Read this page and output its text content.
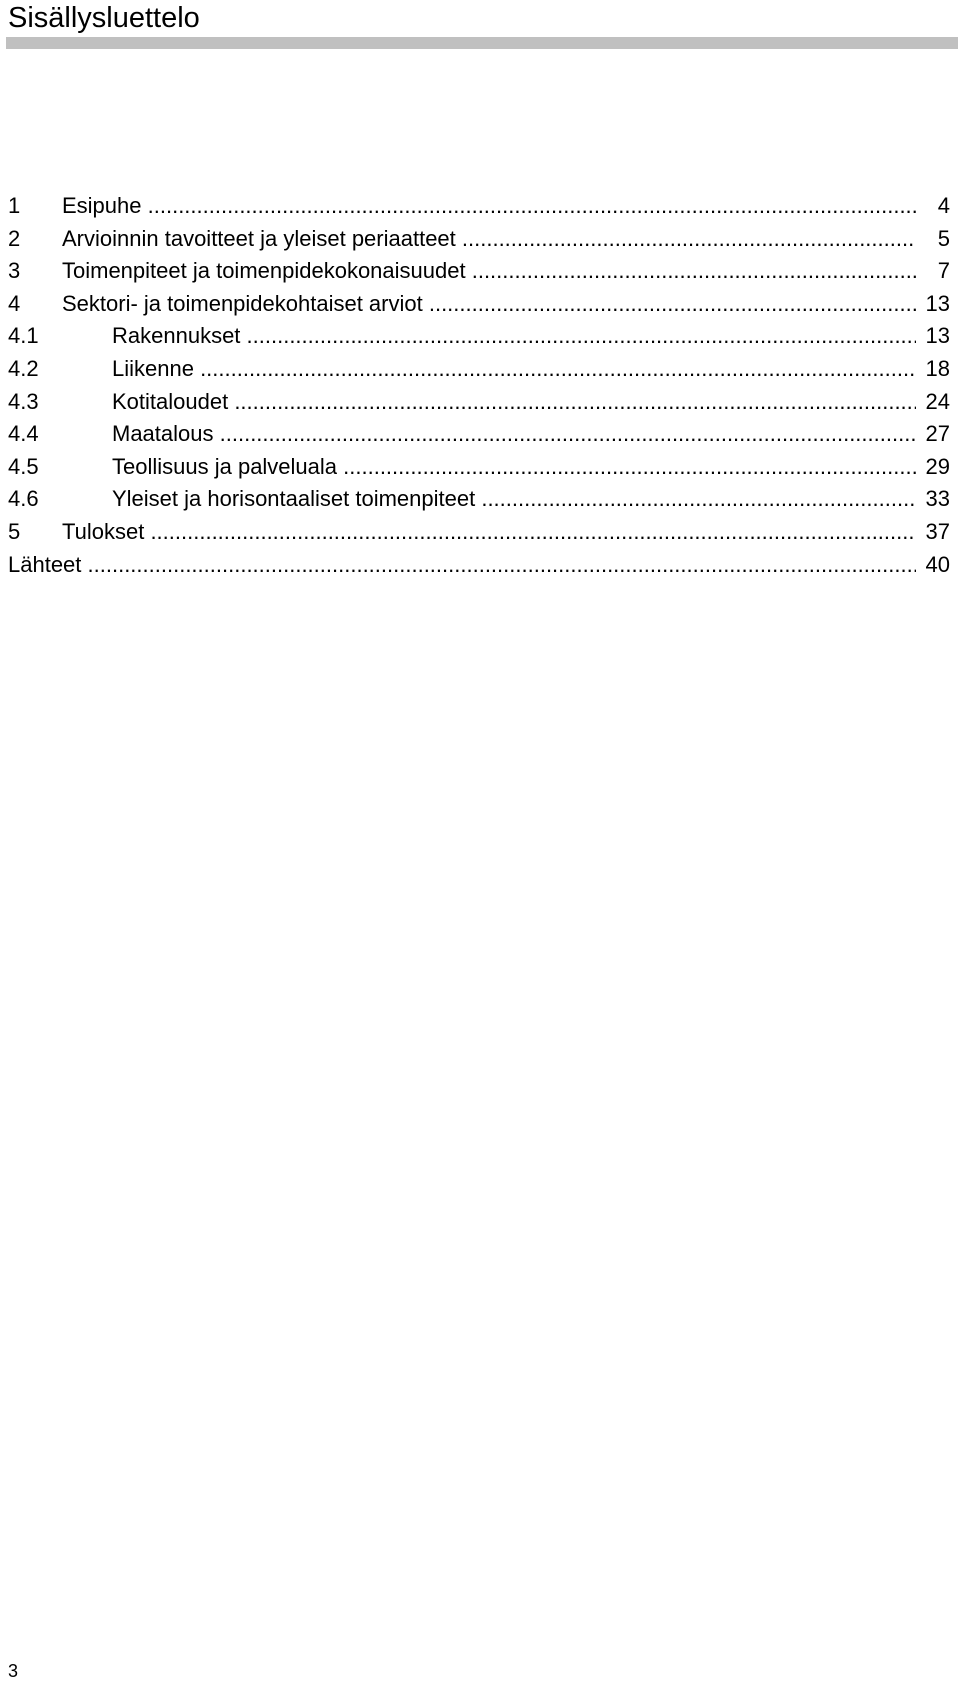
Sisällysluettelo
1 Esipuhe .....	4
2 Arvioinnin tavoitteet ja yleiset periaatteet .....	5
3 Toimenpiteet ja toimenpidekokonaisuudet .....	7
4 Sektori- ja toimenpidekohtaiset arviot .....	13
4.1	Rakennukset .....	13
4.2	Liikenne .....	18
4.3	Kotitaloudet .....	24
4.4	Maatalous .....	27
4.5	Teollisuus ja palveluala .....	29
4.6	Yleiset ja horisontaaliset toimenpiteet .....	33
5 Tulokset .....	37
Lähteet .....	40
3
